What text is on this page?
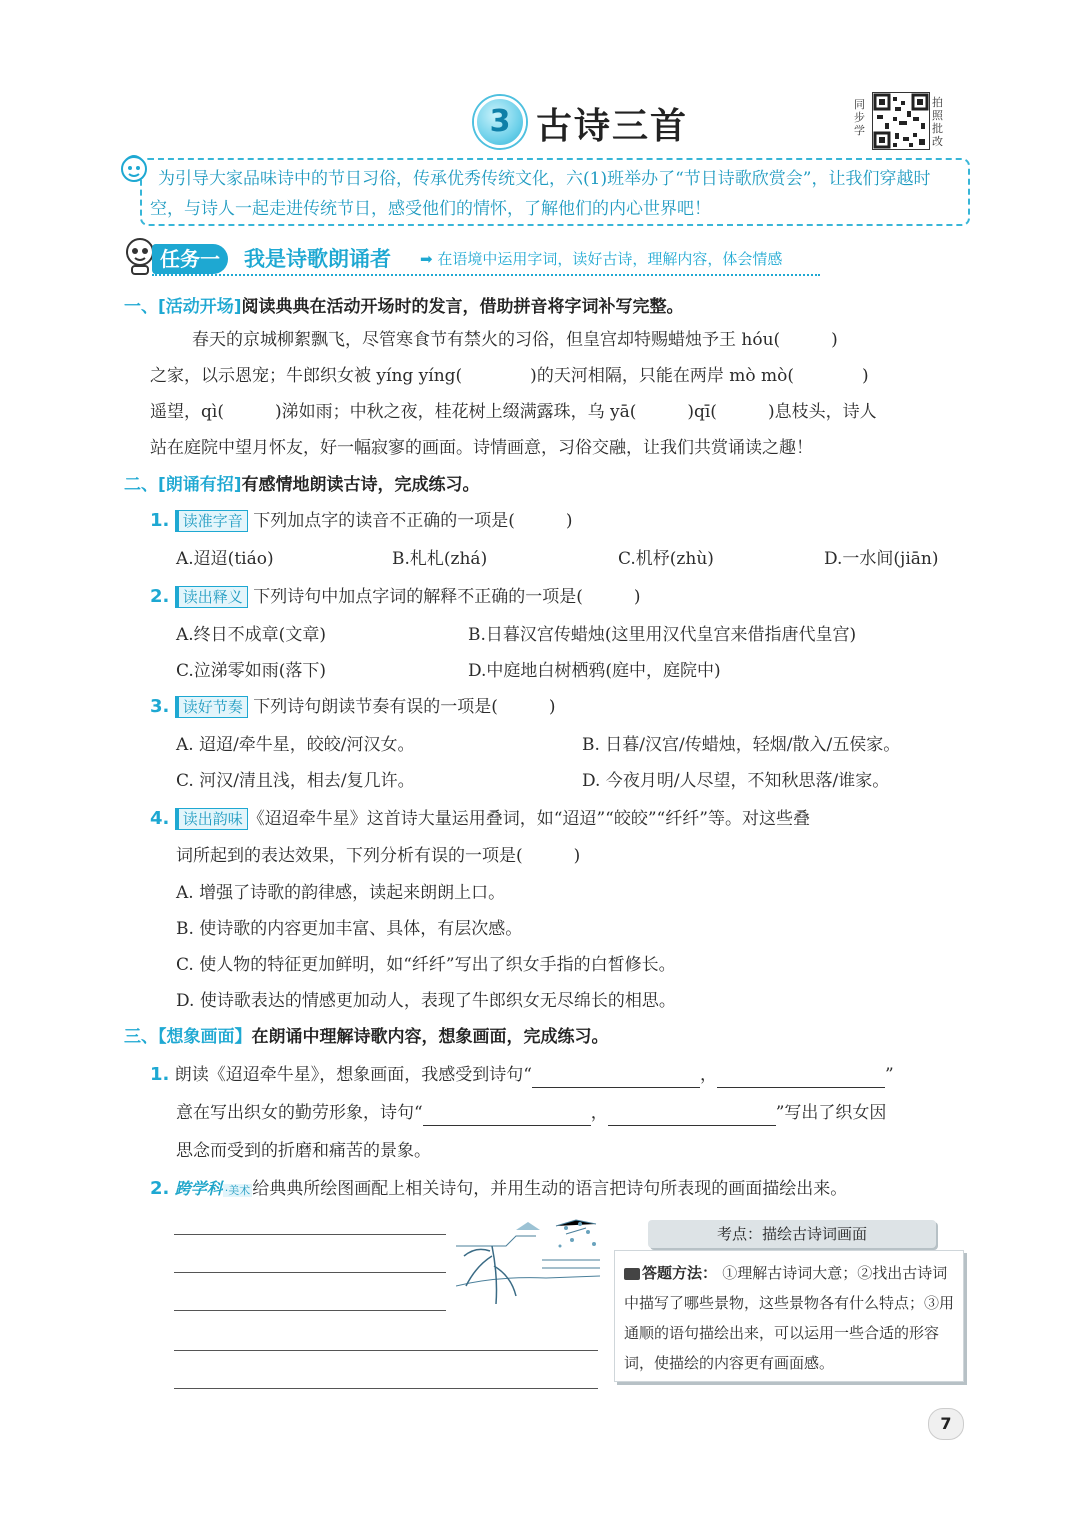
3 古诗三首
同步学
拍照批改
为引导大家品味诗中的节日习俗，传承优秀传统文化，六(1)班举办了“节日诗歌欣赏会”，让我们穿越时空，与诗人一起走进传统节日，感受他们的情怀，了解他们的内心世界吧！
任务一	我是诗歌朗诵者 ➡ 在语境中运用字词，读好古诗，理解内容，体会情感
一、[活动开场]阅读典典在活动开场时的发言，借助拼音将字词补写完整。
春天的京城柳絮飘飞，尽管寒食节有禁火的习俗，但皇宫却特赐蜡烛予王 hóu(　　　)
之家，以示恩宠；牛郎织女被 yíng yíng(　　　　)的天河相隔，只能在两岸 mò mò(　　　　)
遥望，qì(　　　)涕如雨；中秋之夜，桂花树上缀满露珠，乌 yā(　　　)qī(　　　)息枝头，诗人
站在庭院中望月怀友，好一幅寂寥的画面。诗情画意，习俗交融，让我们共赏诵读之趣！
二、[朗诵有招]有感情地朗读古诗，完成练习。
1. 读准字音 下列加点字的读音不正确的一项是(　　　)
A.迢迢(tiáo)	B.札札(zhá)	C.机杼(zhù)	D.一水间(jiān)
2. 读出释义 下列诗句中加点字词的解释不正确的一项是(　　　)
A.终日不成章(文章)	B.日暮汉宫传蜡烛(这里用汉代皇宫来借指唐代皇宫)
C.泣涕零如雨(落下)	D.中庭地白树栖鸦(庭中，庭院中)
3. 读好节奏 下列诗句朗读节奏有误的一项是(　　　)
A. 迢迢/牵牛星，皎皎/河汉女。	B. 日暮/汉宫/传蜡烛，轻烟/散入/五侯家。
C. 河汉/清且浅，相去/复几许。	D. 今夜月明/人尽望，不知秋思落/谁家。
4. 读出韵味 《迢迢牵牛星》这首诗大量运用叠词，如“迢迢”“皎皎”“纤纤”等。对这些叠
词所起到的表达效果，下列分析有误的一项是(　　　)
A. 增强了诗歌的韵律感，读起来朗朗上口。
B. 使诗歌的内容更加丰富、具体，有层次感。
C. 使人物的特征更加鲜明，如“纤纤”写出了织女手指的白皙修长。
D. 使诗歌表达的情感更加动人，表现了牛郎织女无尽绵长的相思。
三、【想象画面】在朗诵中理解诗歌内容，想象画面，完成练习。
1. 朗读《迢迢牵牛星》，想象画面，我感受到诗句“	，	”
意在写出织女的勤劳形象，诗句“	，	”写出了织女因
思念而受到的折磨和痛苦的景象。
2. 跨学科 ·美术 给典典所绘图画配上相关诗句，并用生动的语言把诗句所表现的画面描绘出来。
考点：描绘古诗词画面
答题方法： ①理解古诗词大意；②找出古诗词中描写了哪些景物，这些景物各有什么特点；③用通顺的语句描绘出来，可以运用一些合适的形容词，使描绘的内容更有画面感。
7
